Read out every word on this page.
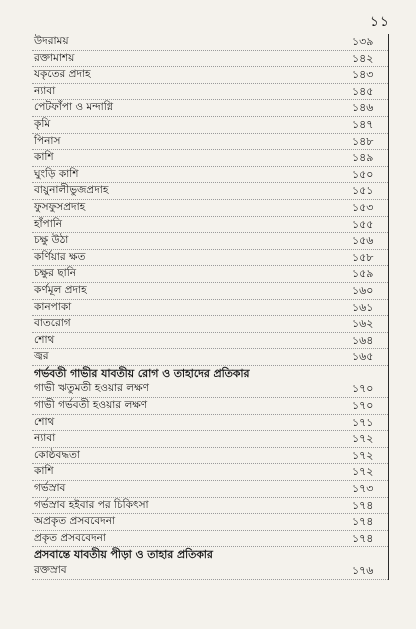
১১
উদরাময়	১৩৯
রক্তামাশয়	১৪২
যকৃতের প্রদাহ	১৪৩
ন্যাবা	১৪৫
পেটফাঁপা ও মন্দাগ্নি	১৪৬
কৃমি	১৪৭
পিনাস	১৪৮
কাশি	১৪৯
ঘুংড়ি কাশি	১৫০
বায়ুনালীভুজপ্রদাহ	১৫১
ফুসফুসপ্রদাহ	১৫৩
হাঁপানি	১৫৫
চক্ষু উঠা	১৫৬
কর্ণিয়ার ক্ষত	১৫৮
চক্ষুর ছানি	১৫৯
কর্ণমূল প্রদাহ	১৬০
কানপাকা	১৬১
বাতরোগ	১৬২
শোথ	১৬৪
জ্বর	১৬৫
গর্ভবতী গাভীর যাবতীয় রোগ ও তাহাদের প্রতিকার
গাভী ঋতুমতী হওয়ার লক্ষণ	১৭০
গাভী গর্ভবতী হওয়ার লক্ষণ	১৭০
শোথ	১৭১
ন্যাবা	১৭২
কোষ্ঠবদ্ধতা	১৭২
কাশি	১৭২
গর্ভস্রাব	১৭৩
গর্ভস্রাব হইবার পর চিকিৎসা	১৭৪
অপ্রকৃত প্রসববেদনা	১৭৪
প্রকৃত প্রসববেদনা	১৭৪
প্রসবান্তে যাবতীয় পীড়া ও তাহার প্রতিকার
রক্তস্রাব	১৭৬
